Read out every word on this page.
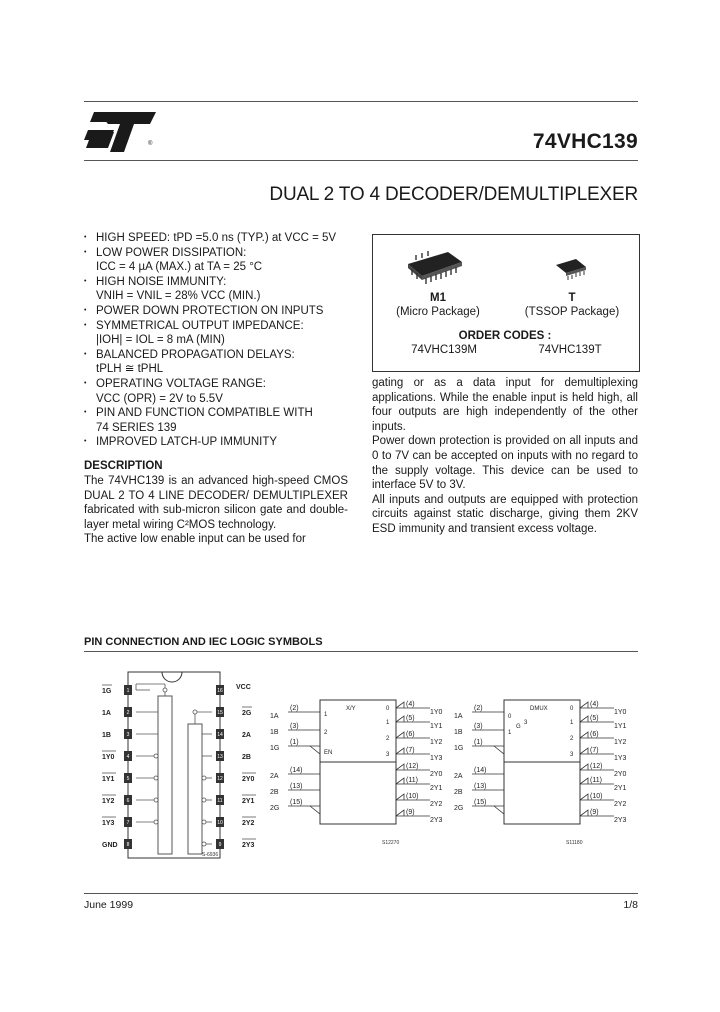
®	74VHC139
DUAL 2 TO 4 DECODER/DEMULTIPLEXER
• HIGH SPEED: tPD =5.0 ns (TYP.) at VCC = 5V
• LOW POWER DISSIPATION:
ICC = 4 µA (MAX.) at TA = 25 °C
• HIGH NOISE IMMUNITY:
VNIH = VNIL = 28% VCC (MIN.)
• POWER DOWN PROTECTION ON INPUTS
• SYMMETRICAL OUTPUT IMPEDANCE:
|IOH| = IOL = 8 mA (MIN)
• BALANCED PROPAGATION DELAYS:
tPLH ≅ tPHL
• OPERATING VOLTAGE RANGE:
VCC (OPR) = 2V to 5.5V
• PIN AND FUNCTION COMPATIBLE WITH
74 SERIES 139
• IMPROVED LATCH-UP IMMUNITY
DESCRIPTION
The 74VHC139 is an advanced high-speed CMOS DUAL 2 TO 4 LINE DECODER/ DEMULTIPLEXER fabricated with sub-micron silicon gate and double-layer metal wiring C²MOS technology.
The active low enable input can be used for
M1
(Micro Package)
T
(TSSOP Package)
ORDER CODES :
74VHC139M	74VHC139T
gating or as a data input for demultiplexing applications. While the enable input is held high, all four outputs are high independently of the other inputs.
Power down protection is provided on all inputs and 0 to 7V can be accepted on inputs with no regard to the supply voltage. This device can be used to interface 5V to 3V.
All inputs and outputs are equipped with protection circuits against static discharge, giving them 2KV ESD immunity and transient excess voltage.
PIN CONNECTION AND IEC LOGIC SYMBOLS
1
2
3
4
5
6
7
8
16
15
14
13
12
11
10
9
1G
1A
1B
1Y0
1Y1
1Y2
1Y3
GND
VCC
2G
2A
2B
2Y0
2Y1
2Y2
2Y3
S-6936
X/Y
1
2
EN
0
1
2
3
(2)
(3)
(1)
(14)
(13)
(15)
1A
1B
1G
2A
2B
2G
(4)
(5)
(6)
(7)
(12)
(11)
(10)
(9)
1Y0
1Y1
1Y2
1Y3
2Y0
2Y1
2Y2
2Y3
S12270
DMUX
0
G
3
1
0
1
2
3
(2)
(3)
(1)
(14)
(13)
(15)
1A
1B
1G
2A
2B
2G
(4)
(5)
(6)
(7)
(12)
(11)
(10)
(9)
1Y0
1Y1
1Y2
1Y3
2Y0
2Y1
2Y2
2Y3
S11180
June 1999	1/8
